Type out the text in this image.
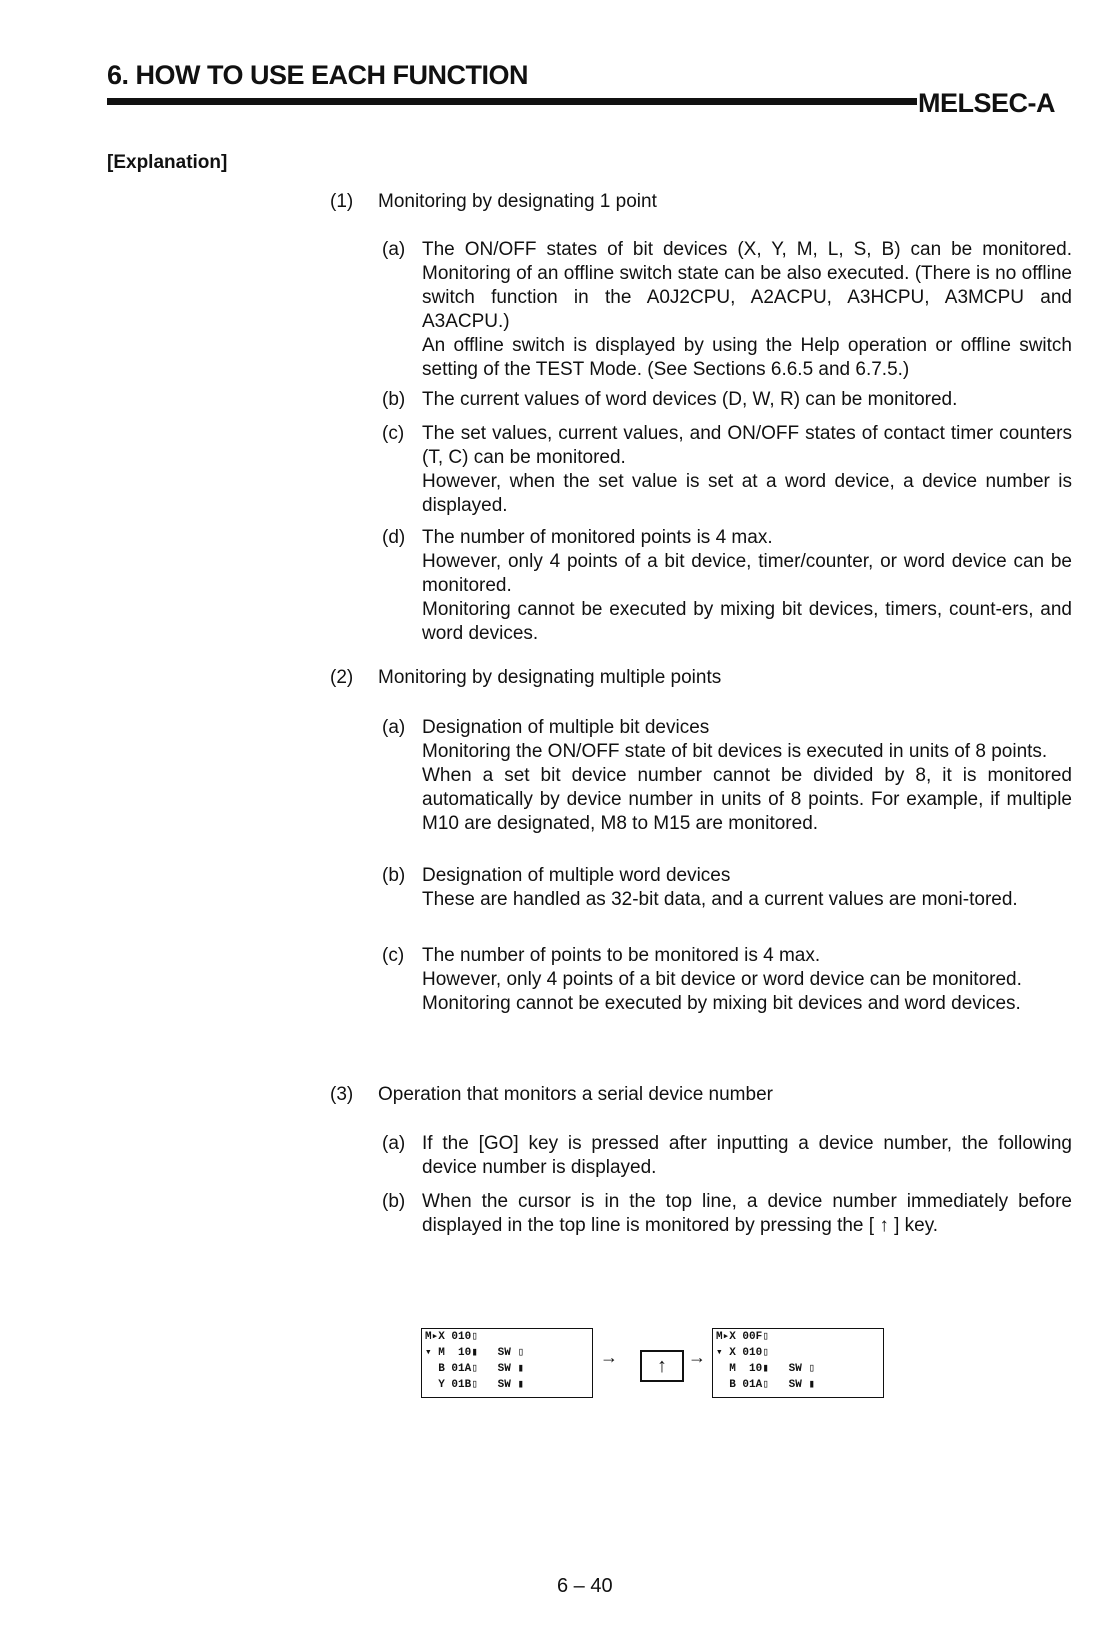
6. HOW TO USE EACH FUNCTION
MELSEC-A
[Explanation]
(1) Monitoring by designating 1 point
(a) The ON/OFF states of bit devices (X, Y, M, L, S, B) can be monitored. Monitoring of an offline switch state can be also executed. (There is no offline switch function in the A0J2CPU, A2ACPU, A3HCPU, A3MCPU and A3ACPU.)

An offline switch is displayed by using the Help operation or offline switch setting of the TEST Mode. (See Sections 6.6.5 and 6.7.5.)

(b) The current values of word devices (D, W, R) can be monitored.

(c) The set values, current values, and ON/OFF states of contact timer counters (T, C) can be monitored.

However, when the set value is set at a word device, a device number is displayed.

(d) The number of monitored points is 4 max.

However, only 4 points of a bit device, timer/counter, or word device can be monitored.

Monitoring cannot be executed by mixing bit devices, timers, count-ers, and word devices.

(2) Monitoring by designating multiple points
(a) Designation of multiple bit devices

Monitoring the ON/OFF state of bit devices is executed in units of 8 points.

When a set bit device number cannot be divided by 8, it is monitored automatically by device number in units of 8 points. For example, if multiple M10 are designated, M8 to M15 are monitored.

(b) Designation of multiple word devices

These are handled as 32-bit data, and a current values are moni-tored.

(c) The number of points to be monitored is 4 max.

However, only 4 points of a bit device or word device can be monitored.

Monitoring cannot be executed by mixing bit devices and word devices.

(3) Operation that monitors a serial device number
(a) If the [GO] key is pressed after inputting a device number, the following device number is displayed.

(b) When the cursor is in the top line, a device number immediately before displayed in the top line is monitored by pressing the [ ↑ ] key.

M▸X 010▯
▾ M  10▮   SW ▯
B 01A▯   SW ▮
Y 01B▯   SW ▮
→	↑	→
M▸X 00F▯
▾ X 010▯
M  10▮   SW ▯
B 01A▯   SW ▮
6 – 40
